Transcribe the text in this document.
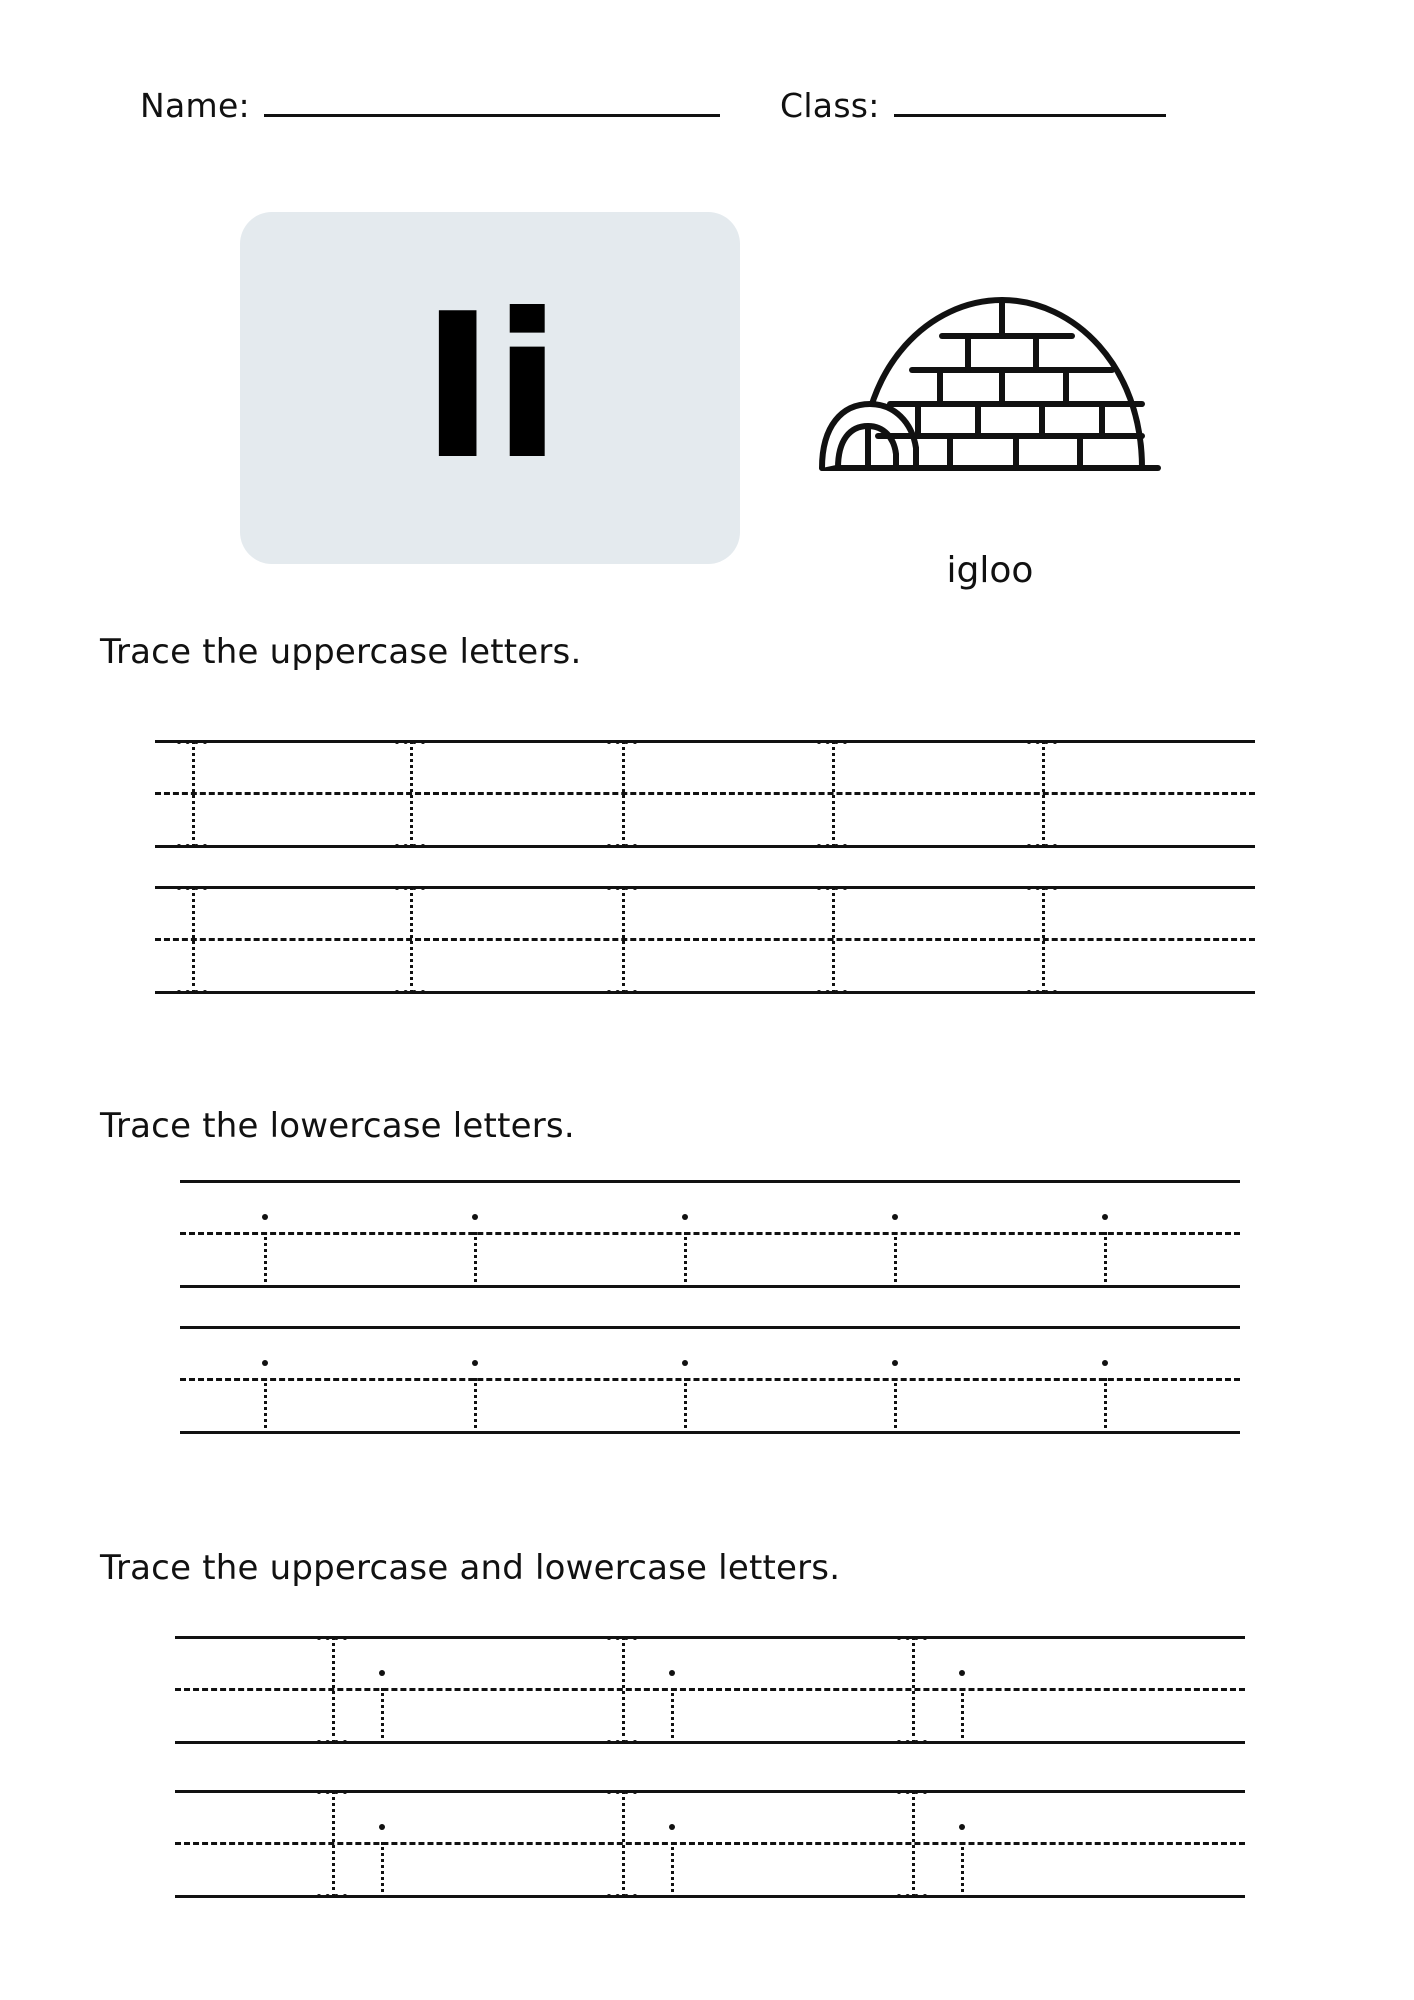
Name:	Class:
Ii
igloo
Trace the uppercase letters.
Trace the lowercase letters.
Trace the uppercase and lowercase letters.
